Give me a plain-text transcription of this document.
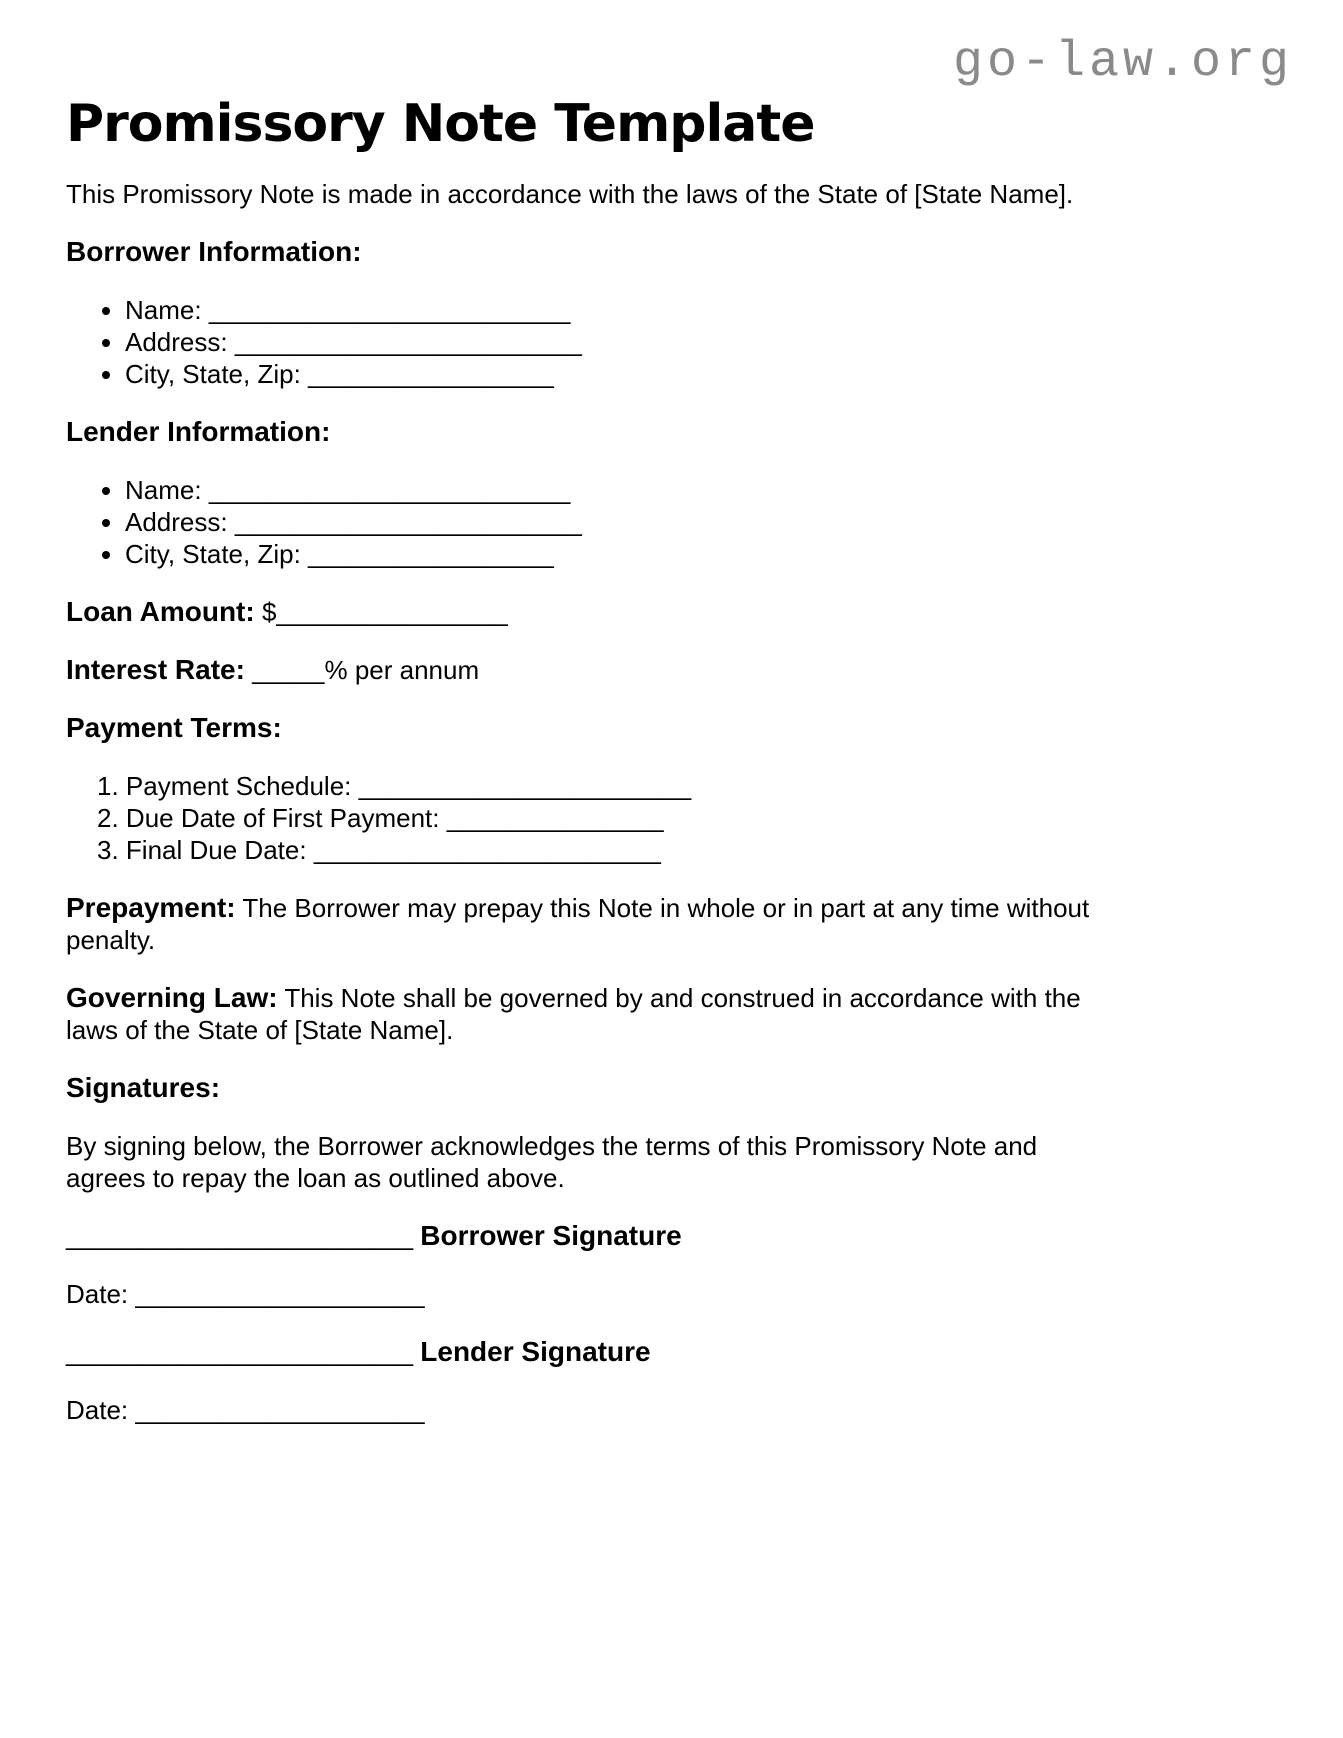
go-law.org
Promissory Note Template

This Promissory Note is made in accordance with the laws of the State of [State Name].

Borrower Information:

• Name: _________________________
• Address: ________________________
• City, State, Zip: _________________

Lender Information:

• Name: _________________________
• Address: ________________________
• City, State, Zip: _________________

Loan Amount: $________________

Interest Rate: _____% per annum

Payment Terms:

1. Payment Schedule: _______________________
2. Due Date of First Payment: _______________
3. Final Due Date: ________________________
Prepayment: The Borrower may prepay this Note in whole or in part at any time without
penalty.
Governing Law: This Note shall be governed by and construed in accordance with the
laws of the State of [State Name].

Signatures:

By signing below, the Borrower acknowledges the terms of this Promissory Note and
agrees to repay the loan as outlined above.

________________________ Borrower Signature

Date: ____________________

________________________ Lender Signature

Date: ____________________
